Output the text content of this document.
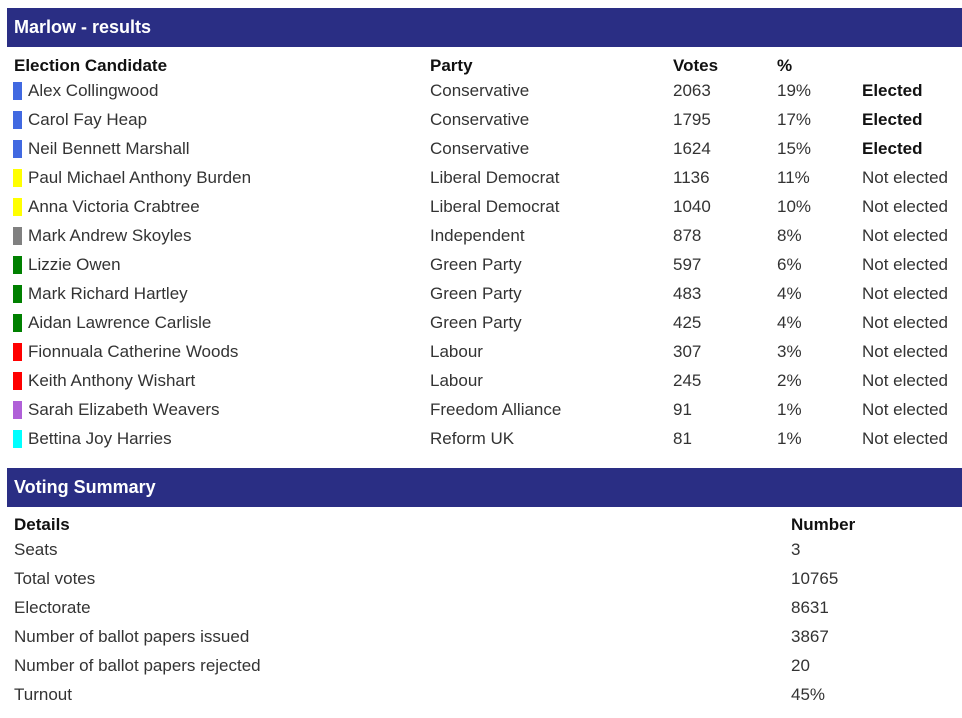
Marlow - results
Election Candidate	Party	Votes	%	

Alex Collingwood	Conservative	2063	19%	Elected

Carol Fay Heap	Conservative	1795	17%	Elected

Neil Bennett Marshall	Conservative	1624	15%	Elected

Paul Michael Anthony Burden	Liberal Democrat	1136	11%	Not elected

Anna Victoria Crabtree	Liberal Democrat	1040	10%	Not elected

Mark Andrew Skoyles	Independent	878	8%	Not elected

Lizzie Owen	Green Party	597	6%	Not elected

Mark Richard Hartley	Green Party	483	4%	Not elected

Aidan Lawrence Carlisle	Green Party	425	4%	Not elected

Fionnuala Catherine Woods	Labour	307	3%	Not elected

Keith Anthony Wishart	Labour	245	2%	Not elected

Sarah Elizabeth Weavers	Freedom Alliance	91	1%	Not elected

Bettina Joy Harries	Reform UK	81	1%	Not elected
Voting Summary
Details	Number
Seats	3
Total votes	10765
Electorate	8631
Number of ballot papers issued	3867
Number of ballot papers rejected	20
Turnout	45%
